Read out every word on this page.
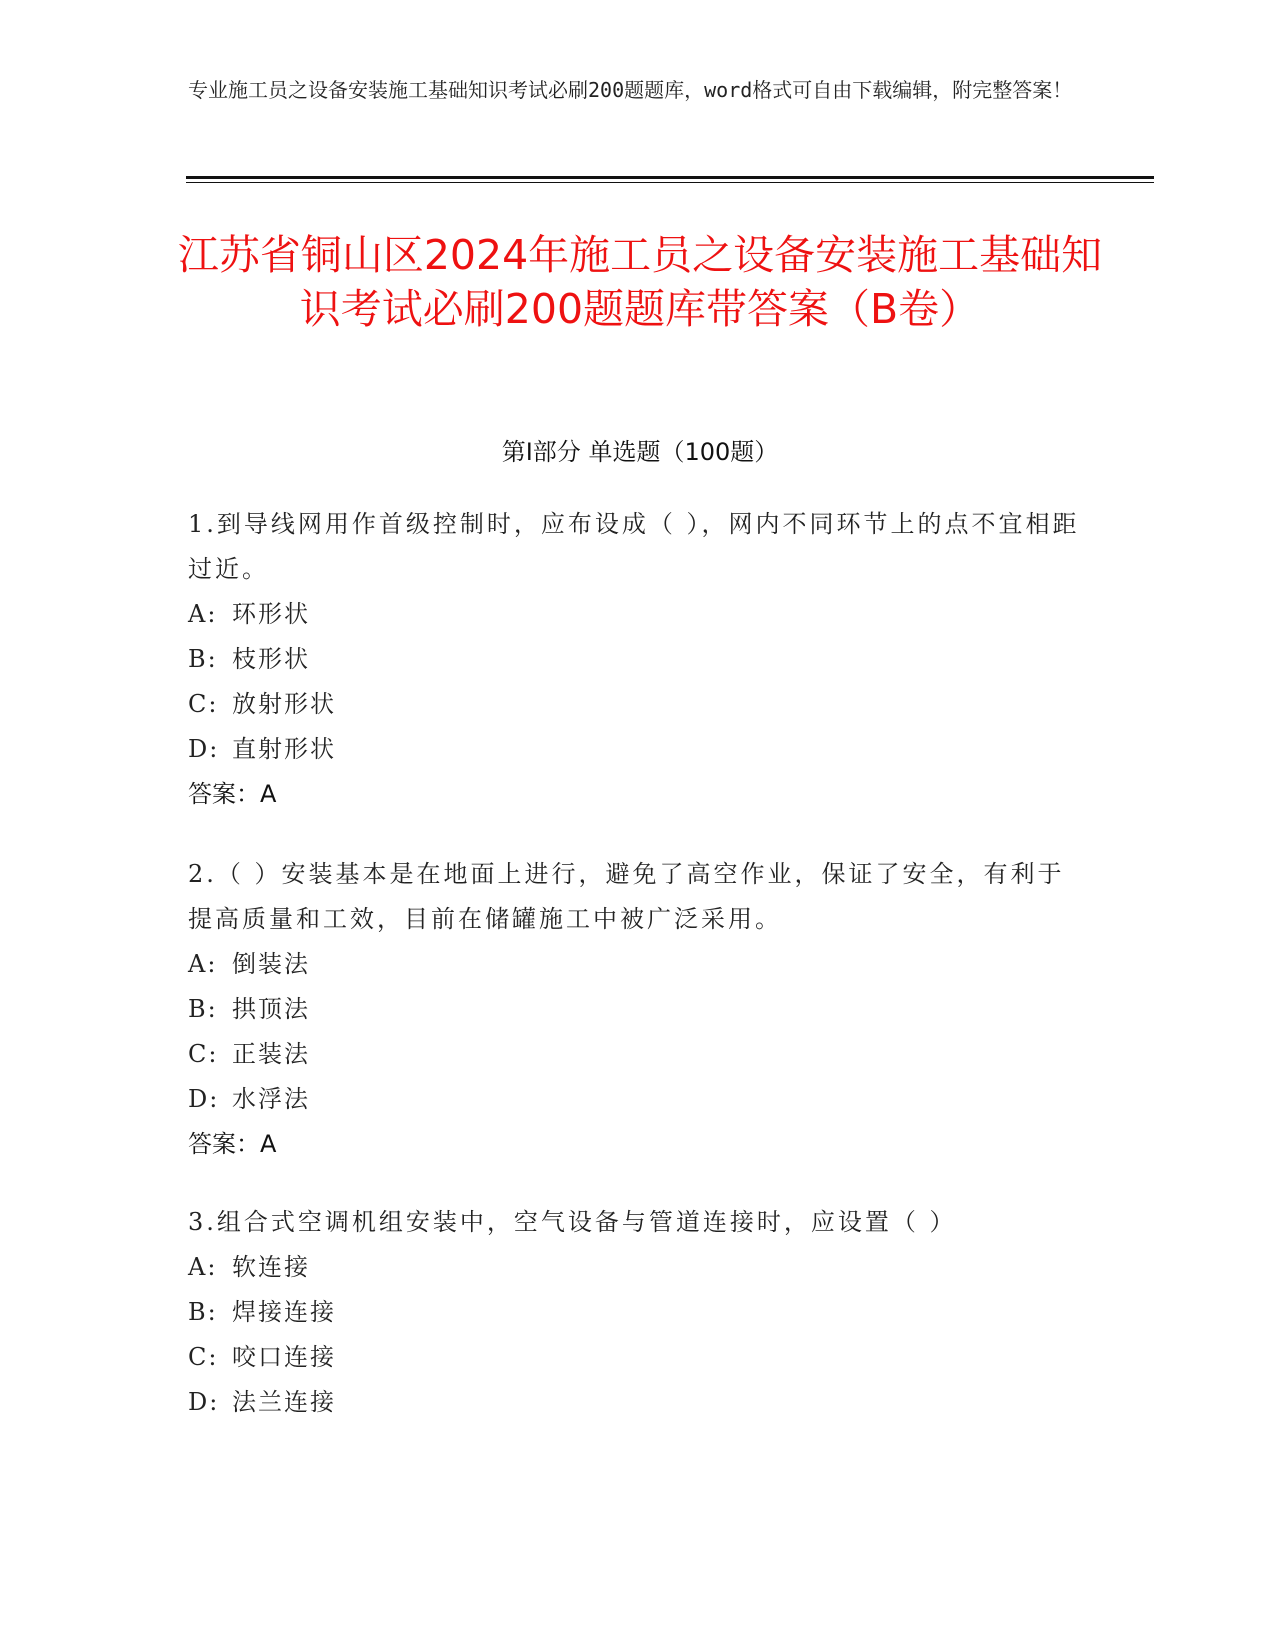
专业施工员之设备安装施工基础知识考试必刷200题题库，word格式可自由下载编辑，附完整答案！
江苏省铜山区2024年施工员之设备安装施工基础知识考试必刷200题题库带答案（B卷）
第Ⅰ部分 单选题（100题）
1.到导线网用作首级控制时，应布设成（ ），网内不同环节上的点不宜相距过近。
A: 环形状
B: 枝形状
C: 放射形状
D: 直射形状
答案：A
2.（ ）安装基本是在地面上进行，避免了高空作业，保证了安全，有利于提高质量和工效，目前在储罐施工中被广泛采用。
A: 倒装法
B: 拱顶法
C: 正装法
D: 水浮法
答案：A
3.组合式空调机组安装中，空气设备与管道连接时，应设置（ ）
A: 软连接
B: 焊接连接
C: 咬口连接
D: 法兰连接
